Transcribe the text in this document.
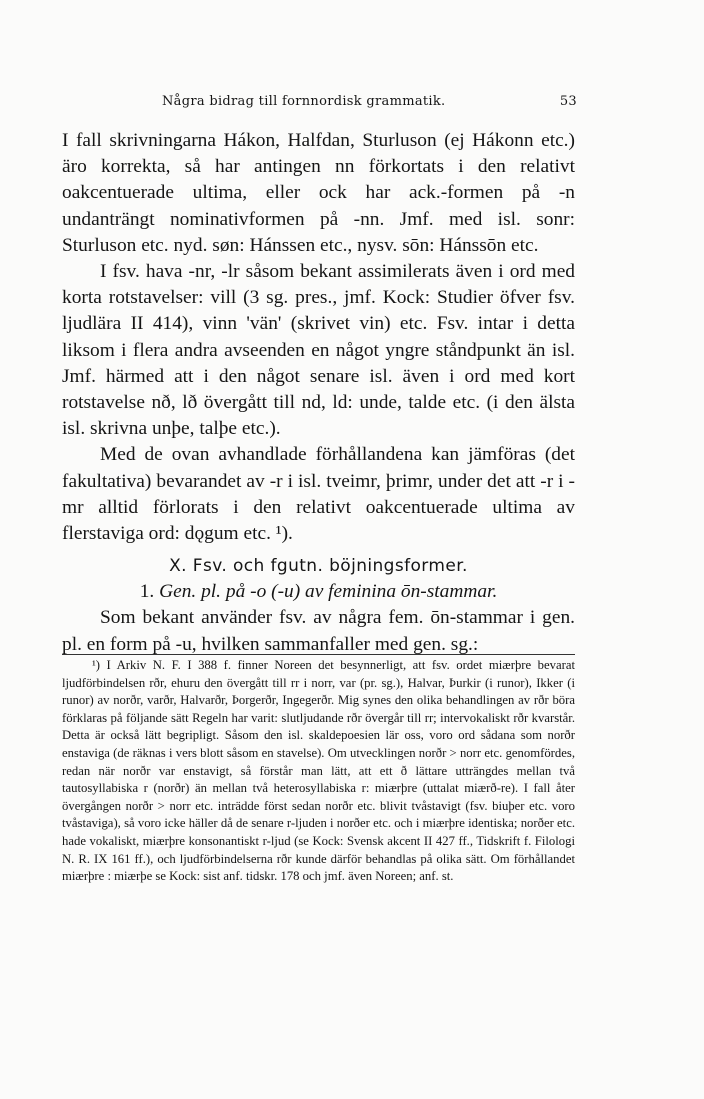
Några bidrag till fornnordisk grammatik.	53

I fall skrivningarna Hákon, Halfdan, Sturluson (ej Hákonn etc.) äro korrekta, så har antingen nn förkortats i den relativt oakcentuerade ultima, eller ock har ack.-formen på -n undanträngt nominativformen på -nn. Jmf. med isl. sonr: Sturluson etc. nyd. søn: Hánssen etc., nysv. sōn: Hánssōn etc.

I fsv. hava -nr, -lr såsom bekant assimilerats även i ord med korta rotstavelser: vill (3 sg. pres., jmf. Kock: Studier öfver fsv. ljudlära II 414), vinn 'vän' (skrivet vin) etc. Fsv. intar i detta liksom i flera andra avseenden en något yngre ståndpunkt än isl. Jmf. härmed att i den något senare isl. även i ord med kort rotstavelse nð, lð övergått till nd, ld: unde, talde etc. (i den älsta isl. skrivna unþe, talþe etc.).

Med de ovan avhandlade förhållandena kan jämföras (det fakultativa) bevarandet av -r i isl. tveimr, þrimr, under det att -r i -mr alltid förlorats i den relativt oakcentuerade ultima av flerstaviga ord: dǫgum etc. ¹).

X. Fsv. och fgutn. böjningsformer.
1. Gen. pl. på -o (-u) av feminina ōn-stammar.

Som bekant använder fsv. av några fem. ōn-stammar i gen. pl. en form på -u, hvilken sammanfaller med gen. sg.:

¹) I Arkiv N. F. I 388 f. finner Noreen det besynnerligt, att fsv. ordet miærþre bevarat ljudförbindelsen rðr, ehuru den övergått till rr i norr, var (pr. sg.), Halvar, Þurkir (i runor), Ikker (i runor) av norðr, varðr, Halvarðr, Þorgerðr, Ingegerðr. Mig synes den olika behandlingen av rðr böra förklaras på följande sätt Regeln har varit: slutljudande rðr övergår till rr; intervokaliskt rðr kvarstår. Detta är också lätt begripligt. Såsom den isl. skaldepoesien lär oss, voro ord sådana som norðr enstaviga (de räknas i vers blott såsom en stavelse). Om utvecklingen norðr > norr etc. genomfördes, redan när norðr var enstavigt, så förstår man lätt, att ett ð lättare utträngdes mellan två tautosyllabiska r (norðr) än mellan två heterosyllabiska r: miærþre (uttalat miærð-re). I fall åter övergången norðr > norr etc. inträdde först sedan norðr etc. blivit tvåstavigt (fsv. biuþer etc. voro tvåstaviga), så voro icke häller då de senare r-ljuden i norðer etc. och i miærþre identiska; norðer etc. hade vokaliskt, miærþre konsonantiskt r-ljud (se Kock: Svensk akcent II 427 ff., Tidskrift f. Filologi N. R. IX 161 ff.), och ljudförbindelserna rðr kunde därför behandlas på olika sätt. Om förhållandet miærþre : miærþe se Kock: sist anf. tidskr. 178 och jmf. även Noreen; anf. st.
